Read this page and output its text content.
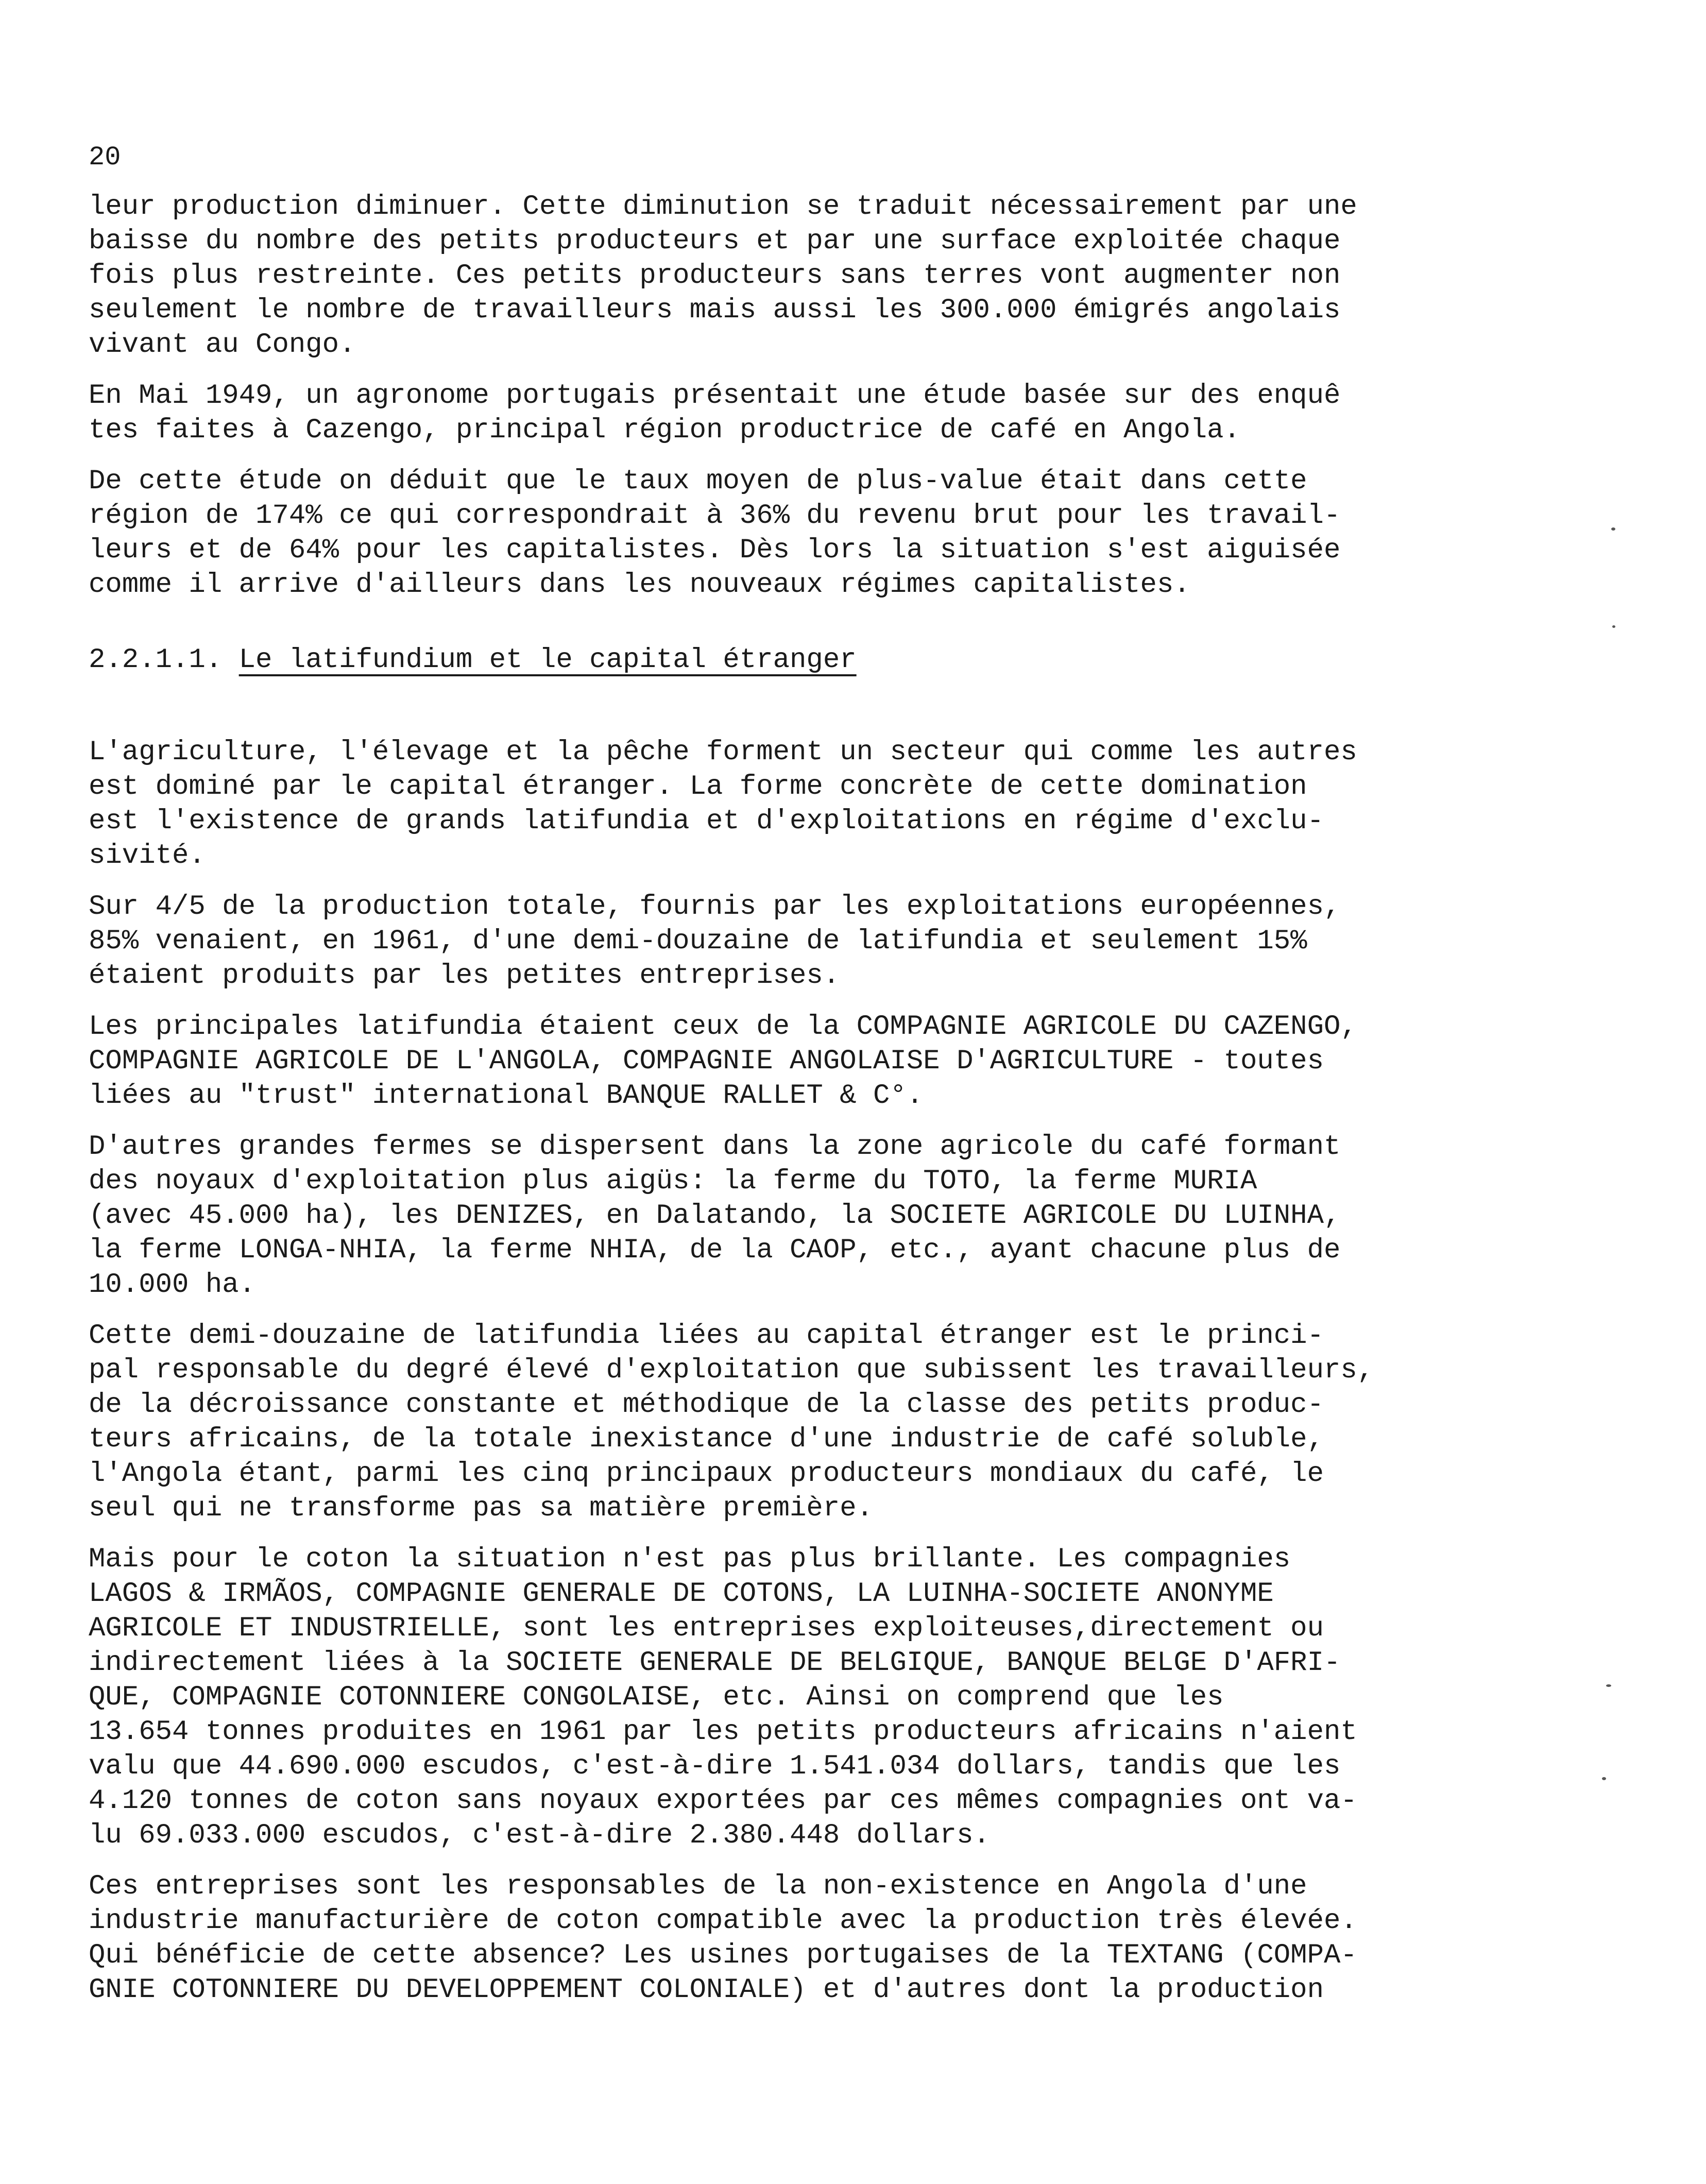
20

leur production diminuer. Cette diminution se traduit nécessairement par une
baisse du nombre des petits producteurs et par une surface exploitée chaque
fois plus restreinte. Ces petits producteurs sans terres vont augmenter non
seulement le nombre de travailleurs mais aussi les 300.000 émigrés angolais
vivant au Congo.

En Mai 1949, un agronome portugais présentait une étude basée sur des enquê
tes faites à Cazengo, principal région productrice de café en Angola.

De cette étude on déduit que le taux moyen de plus-value était dans cette
région de 174% ce qui correspondrait à 36% du revenu brut pour les travail-
leurs et de 64% pour les capitalistes. Dès lors la situation s'est aiguisée
comme il arrive d'ailleurs dans les nouveaux régimes capitalistes.

2.2.1.1. Le latifundium et le capital étranger

L'agriculture, l'élevage et la pêche forment un secteur qui comme les autres
est dominé par le capital étranger. La forme concrète de cette domination
est l'existence de grands latifundia et d'exploitations en régime d'exclu-
sivité.

Sur 4/5 de la production totale, fournis par les exploitations européennes,
85% venaient, en 1961, d'une demi-douzaine de latifundia et seulement 15%
étaient produits par les petites entreprises.

Les principales latifundia étaient ceux de la COMPAGNIE AGRICOLE DU CAZENGO,
COMPAGNIE AGRICOLE DE L'ANGOLA, COMPAGNIE ANGOLAISE D'AGRICULTURE - toutes
liées au "trust" international BANQUE RALLET & C°.

D'autres grandes fermes se dispersent dans la zone agricole du café formant
des noyaux d'exploitation plus aigüs: la ferme du TOTO, la ferme MURIA
(avec 45.000 ha), les DENIZES, en Dalatando, la SOCIETE AGRICOLE DU LUINHA,
la ferme LONGA-NHIA, la ferme NHIA, de la CAOP, etc., ayant chacune plus de
10.000 ha.

Cette demi-douzaine de latifundia liées au capital étranger est le princi-
pal responsable du degré élevé d'exploitation que subissent les travailleurs,
de la décroissance constante et méthodique de la classe des petits produc-
teurs africains, de la totale inexistance d'une industrie de café soluble,
l'Angola étant, parmi les cinq principaux producteurs mondiaux du café, le
seul qui ne transforme pas sa matière première.

Mais pour le coton la situation n'est pas plus brillante. Les compagnies
LAGOS & IRMÃOS, COMPAGNIE GENERALE DE COTONS, LA LUINHA-SOCIETE ANONYME
AGRICOLE ET INDUSTRIELLE, sont les entreprises exploiteuses,directement ou
indirectement liées à la SOCIETE GENERALE DE BELGIQUE, BANQUE BELGE D'AFRI-
QUE, COMPAGNIE COTONNIERE CONGOLAISE, etc. Ainsi on comprend que les
13.654 tonnes produites en 1961 par les petits producteurs africains n'aient
valu que 44.690.000 escudos, c'est-à-dire 1.541.034 dollars, tandis que les
4.120 tonnes de coton sans noyaux exportées par ces mêmes compagnies ont va-
lu 69.033.000 escudos, c'est-à-dire 2.380.448 dollars.

Ces entreprises sont les responsables de la non-existence en Angola d'une
industrie manufacturière de coton compatible avec la production très élevée.
Qui bénéficie de cette absence? Les usines portugaises de la TEXTANG (COMPA-
GNIE COTONNIERE DU DEVELOPPEMENT COLONIALE) et d'autres dont la production
